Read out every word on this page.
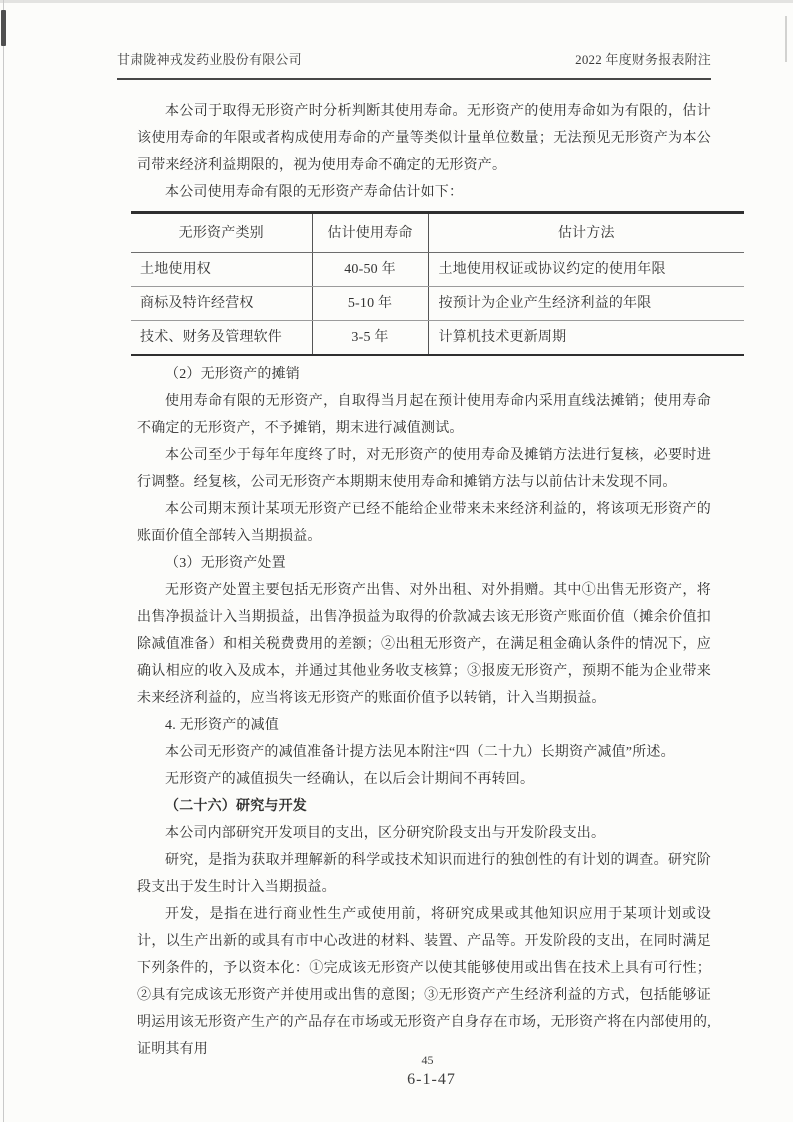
甘肃陇神戎发药业股份有限公司	2022 年度财务报表附注

本公司于取得无形资产时分析判断其使用寿命。无形资产的使用寿命如为有限的，估计该使用寿命的年限或者构成使用寿命的产量等类似计量单位数量；无法预见无形资产为本公司带来经济利益期限的，视为使用寿命不确定的无形资产。

本公司使用寿命有限的无形资产寿命估计如下：

无形资产类别	估计使用寿命	估计方法
土地使用权	40-50 年	土地使用权证或协议约定的使用年限
商标及特许经营权	5-10 年	按预计为企业产生经济利益的年限
技术、财务及管理软件	3-5 年	计算机技术更新周期

（2）无形资产的摊销

使用寿命有限的无形资产，自取得当月起在预计使用寿命内采用直线法摊销；使用寿命不确定的无形资产，不予摊销，期末进行减值测试。

本公司至少于每年年度终了时，对无形资产的使用寿命及摊销方法进行复核，必要时进行调整。经复核，公司无形资产本期期末使用寿命和摊销方法与以前估计未发现不同。

本公司期末预计某项无形资产已经不能给企业带来未来经济利益的，将该项无形资产的账面价值全部转入当期损益。

（3）无形资产处置

无形资产处置主要包括无形资产出售、对外出租、对外捐赠。其中①出售无形资产，将出售净损益计入当期损益，出售净损益为取得的价款减去该无形资产账面价值（摊余价值扣除减值准备）和相关税费费用的差额；②出租无形资产，在满足租金确认条件的情况下，应确认相应的收入及成本，并通过其他业务收支核算；③报废无形资产，预期不能为企业带来未来经济利益的，应当将该无形资产的账面价值予以转销，计入当期损益。

4. 无形资产的减值

本公司无形资产的减值准备计提方法见本附注“四（二十九）长期资产减值”所述。

无形资产的减值损失一经确认，在以后会计期间不再转回。

（二十六）研究与开发

本公司内部研究开发项目的支出，区分研究阶段支出与开发阶段支出。

研究，是指为获取并理解新的科学或技术知识而进行的独创性的有计划的调查。研究阶段支出于发生时计入当期损益。

开发，是指在进行商业性生产或使用前，将研究成果或其他知识应用于某项计划或设计，以生产出新的或具有市中心改进的材料、装置、产品等。开发阶段的支出，在同时满足下列条件的，予以资本化：①完成该无形资产以使其能够使用或出售在技术上具有可行性；②具有完成该无形资产并使用或出售的意图；③无形资产产生经济利益的方式，包括能够证明运用该无形资产生产的产品存在市场或无形资产自身存在市场，无形资产将在内部使用的,证明其有用

45
6-1-47
